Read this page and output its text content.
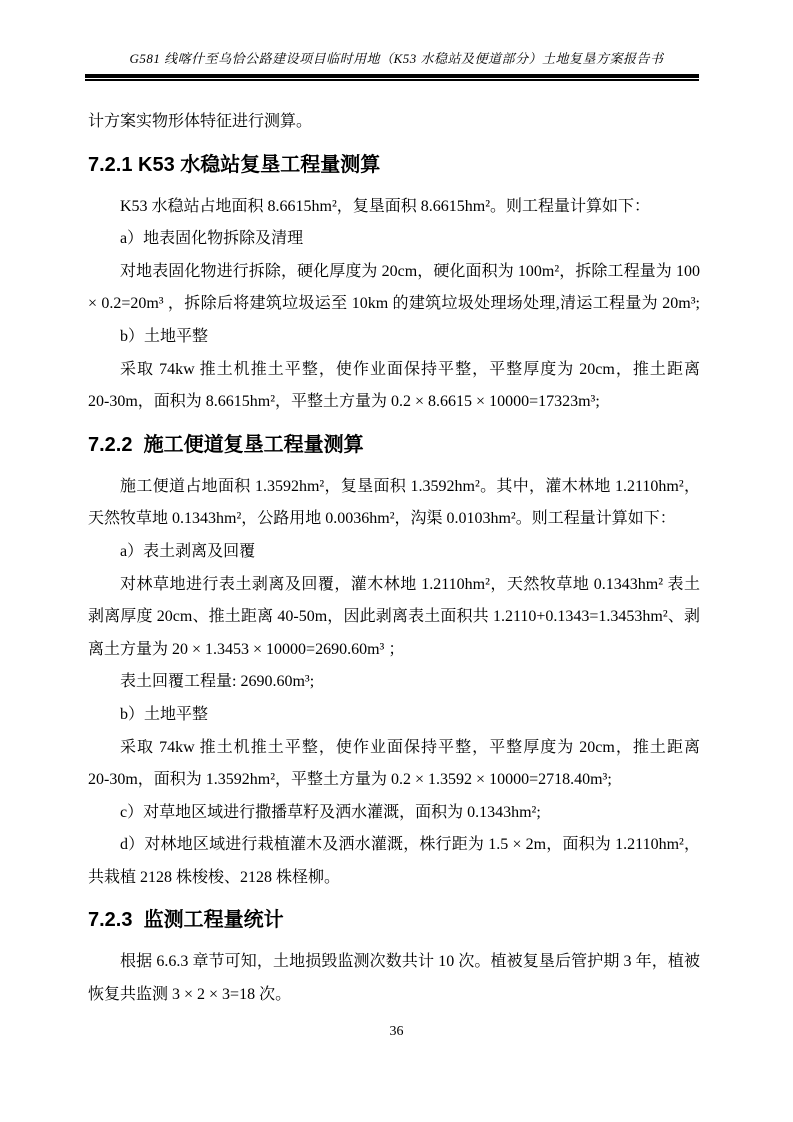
G581 线喀什至乌恰公路建设项目临时用地（K53 水稳站及便道部分）土地复垦方案报告书
计方案实物形体特征进行测算。
7.2.1 K53 水稳站复垦工程量测算
K53 水稳站占地面积 8.6615hm²，复垦面积 8.6615hm²。则工程量计算如下：
a）地表固化物拆除及清理
对地表固化物进行拆除，硬化厚度为 20cm，硬化面积为 100m²，拆除工程量为 100
× 0.2=20m³ ，拆除后将建筑垃圾运至 10km 的建筑垃圾处理场处理,清运工程量为 20m³;
b）土地平整
采取 74kw 推土机推土平整，使作业面保持平整，平整厚度为 20cm，推土距离
20-30m，面积为 8.6615hm²，平整土方量为 0.2 × 8.6615 × 10000=17323m³;
7.2.2  施工便道复垦工程量测算
施工便道占地面积 1.3592hm²，复垦面积 1.3592hm²。其中，灌木林地 1.2110hm²，
天然牧草地 0.1343hm²，公路用地 0.0036hm²，沟渠 0.0103hm²。则工程量计算如下：
a）表土剥离及回覆
对林草地进行表土剥离及回覆，灌木林地 1.2110hm²，天然牧草地 0.1343hm² 表土
剥离厚度 20cm、推土距离 40-50m，因此剥离表土面积共 1.2110+0.1343=1.3453hm²、剥
离土方量为 20 × 1.3453 × 10000=2690.60m³ ；
表土回覆工程量: 2690.60m³;
b）土地平整
采取 74kw 推土机推土平整，使作业面保持平整，平整厚度为 20cm，推土距离
20-30m，面积为 1.3592hm²，平整土方量为 0.2 × 1.3592 × 10000=2718.40m³;
c）对草地区域进行撒播草籽及洒水灌溉，面积为 0.1343hm²;
d）对林地区域进行栽植灌木及洒水灌溉，株行距为 1.5 × 2m，面积为 1.2110hm²，
共栽植 2128 株梭梭、2128 株柽柳。
7.2.3  监测工程量统计
根据 6.6.3 章节可知，土地损毁监测次数共计 10 次。植被复垦后管护期 3 年，植被
恢复共监测 3 × 2 × 3=18 次。
36
